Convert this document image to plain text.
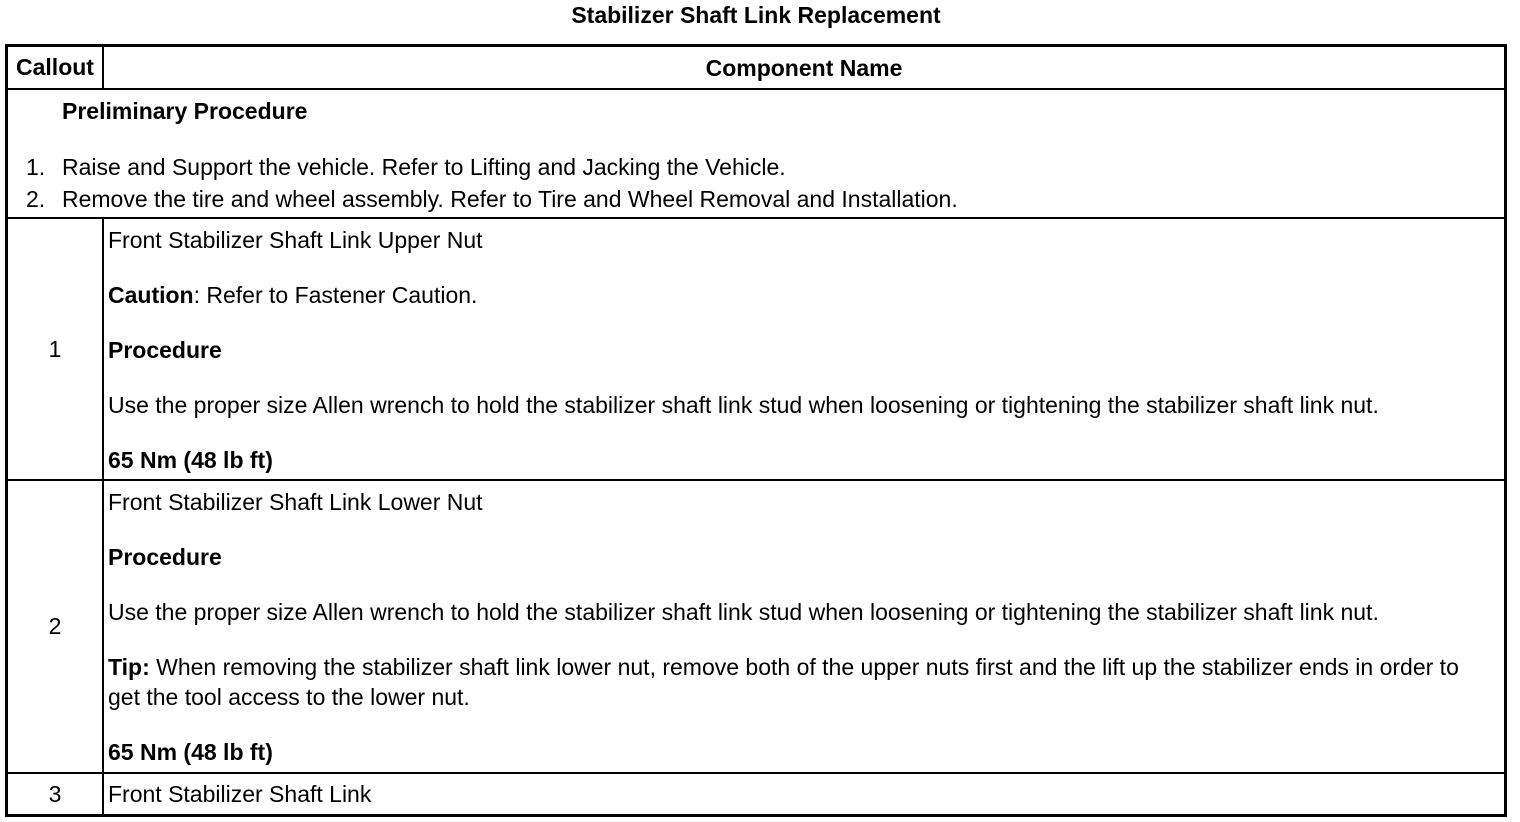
Stabilizer Shaft Link Replacement
Callout	Component Name
Preliminary Procedure
1. Raise and Support the vehicle. Refer to Lifting and Jacking the Vehicle.
2. Remove the tire and wheel assembly. Refer to Tire and Wheel Removal and Installation.
1
Front Stabilizer Shaft Link Upper Nut
Caution: Refer to Fastener Caution.
Procedure
Use the proper size Allen wrench to hold the stabilizer shaft link stud when loosening or tightening the stabilizer shaft link nut.
65 Nm (48 lb ft)
2
Front Stabilizer Shaft Link Lower Nut
Procedure
Use the proper size Allen wrench to hold the stabilizer shaft link stud when loosening or tightening the stabilizer shaft link nut.
Tip: When removing the stabilizer shaft link lower nut, remove both of the upper nuts first and the lift up the stabilizer ends in order to get the tool access to the lower nut.
65 Nm (48 lb ft)
3	Front Stabilizer Shaft Link
